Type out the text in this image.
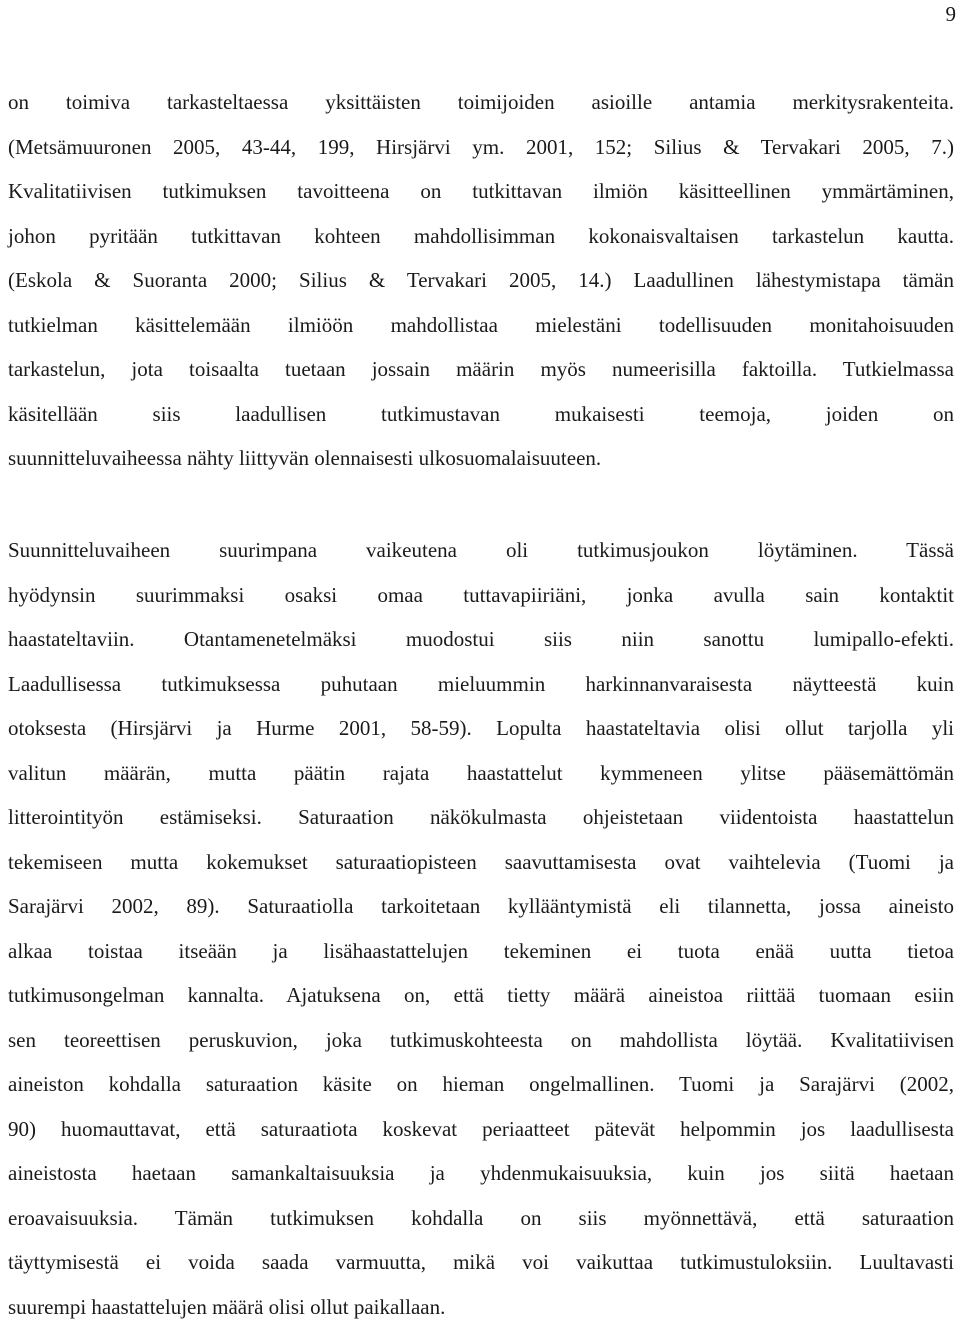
9
on toimiva tarkasteltaessa yksittäisten toimijoiden asioille antamia merkitysrakenteita.
(Metsämuuronen 2005, 43-44, 199, Hirsjärvi ym. 2001, 152; Silius & Tervakari 2005, 7.)
Kvalitatiivisen tutkimuksen tavoitteena on tutkittavan ilmiön käsitteellinen ymmärtäminen,
johon pyritään tutkittavan kohteen mahdollisimman kokonaisvaltaisen tarkastelun kautta.
(Eskola & Suoranta 2000; Silius & Tervakari 2005, 14.) Laadullinen lähestymistapa tämän
tutkielman käsittelemään ilmiöön mahdollistaa mielestäni todellisuuden monitahoisuuden
tarkastelun, jota toisaalta tuetaan jossain määrin myös numeerisilla faktoilla. Tutkielmassa
käsitellään siis laadullisen tutkimustavan mukaisesti teemoja, joiden on
suunnitteluvaiheessa nähty liittyvän olennaisesti ulkosuomalaisuuteen.
Suunnitteluvaiheen suurimpana vaikeutena oli tutkimusjoukon löytäminen. Tässä
hyödynsin suurimmaksi osaksi omaa tuttavapiiriäni, jonka avulla sain kontaktit
haastateltaviin. Otantamenetelmäksi muodostui siis niin sanottu lumipallo-efekti.
Laadullisessa tutkimuksessa puhutaan mieluummin harkinnanvaraisesta näytteestä kuin
otoksesta (Hirsjärvi ja Hurme 2001, 58-59). Lopulta haastateltavia olisi ollut tarjolla yli
valitun määrän, mutta päätin rajata haastattelut kymmeneen ylitse pääsemättömän
litterointityön estämiseksi. Saturaation näkökulmasta ohjeistetaan viidentoista haastattelun
tekemiseen mutta kokemukset saturaatiopisteen saavuttamisesta ovat vaihtelevia (Tuomi ja
Sarajärvi 2002, 89). Saturaatiolla tarkoitetaan kyllääntymistä eli tilannetta, jossa aineisto
alkaa toistaa itseään ja lisähaastattelujen tekeminen ei tuota enää uutta tietoa
tutkimusongelman kannalta. Ajatuksena on, että tietty määrä aineistoa riittää tuomaan esiin
sen teoreettisen peruskuvion, joka tutkimuskohteesta on mahdollista löytää. Kvalitatiivisen
aineiston kohdalla saturaation käsite on hieman ongelmallinen. Tuomi ja Sarajärvi (2002,
90) huomauttavat, että saturaatiota koskevat periaatteet pätevät helpommin jos laadullisesta
aineistosta haetaan samankaltaisuuksia ja yhdenmukaisuuksia, kuin jos siitä haetaan
eroavaisuuksia. Tämän tutkimuksen kohdalla on siis myönnettävä, että saturaation
täyttymisestä ei voida saada varmuutta, mikä voi vaikuttaa tutkimustuloksiin. Luultavasti
suurempi haastattelujen määrä olisi ollut paikallaan.
